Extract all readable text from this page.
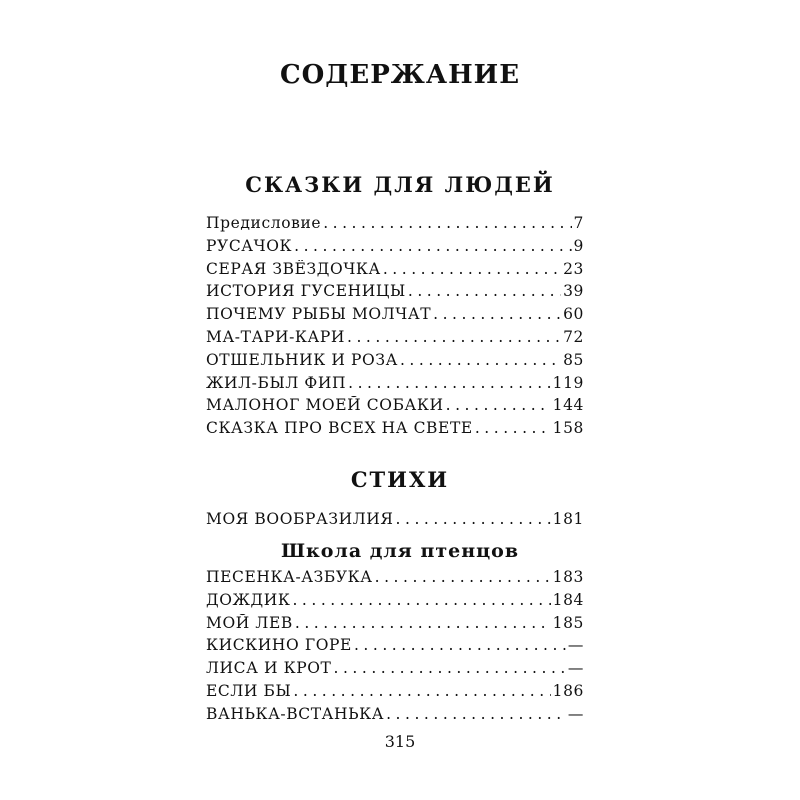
СОДЕРЖАНИЕ
СКАЗКИ ДЛЯ ЛЮДЕЙ
Предисловие . . .	7
РУСАЧОК . . .	9
СЕРАЯ ЗВЁЗДОЧКА . . .	23
ИСТОРИЯ ГУСЕНИЦЫ . . .	39
ПОЧЕМУ РЫБЫ МОЛЧАТ . . .	60
МА-ТАРИ-КАРИ . . .	72
ОТШЕЛЬНИК И РОЗА . . .	85
ЖИЛ-БЫЛ ФИП . . .	119
МАЛОНОГ МОЕЙ СОБАКИ . . .	144
СКАЗКА ПРО ВСЕХ НА СВЕТЕ . . .	158
СТИХИ
МОЯ ВООБРАЗИЛИЯ . . .	181
Школа для птенцов
ПЕСЕНКА-АЗБУКА . . .	183
ДОЖДИК . . .	184
МОЙ ЛЕВ . . .	185
КИСКИНО ГОРЕ . . .	—
ЛИСА И КРОТ . . .	—
ЕСЛИ БЫ . . .	186
ВАНЬКА-ВСТАНЬКА . . .	—
315
